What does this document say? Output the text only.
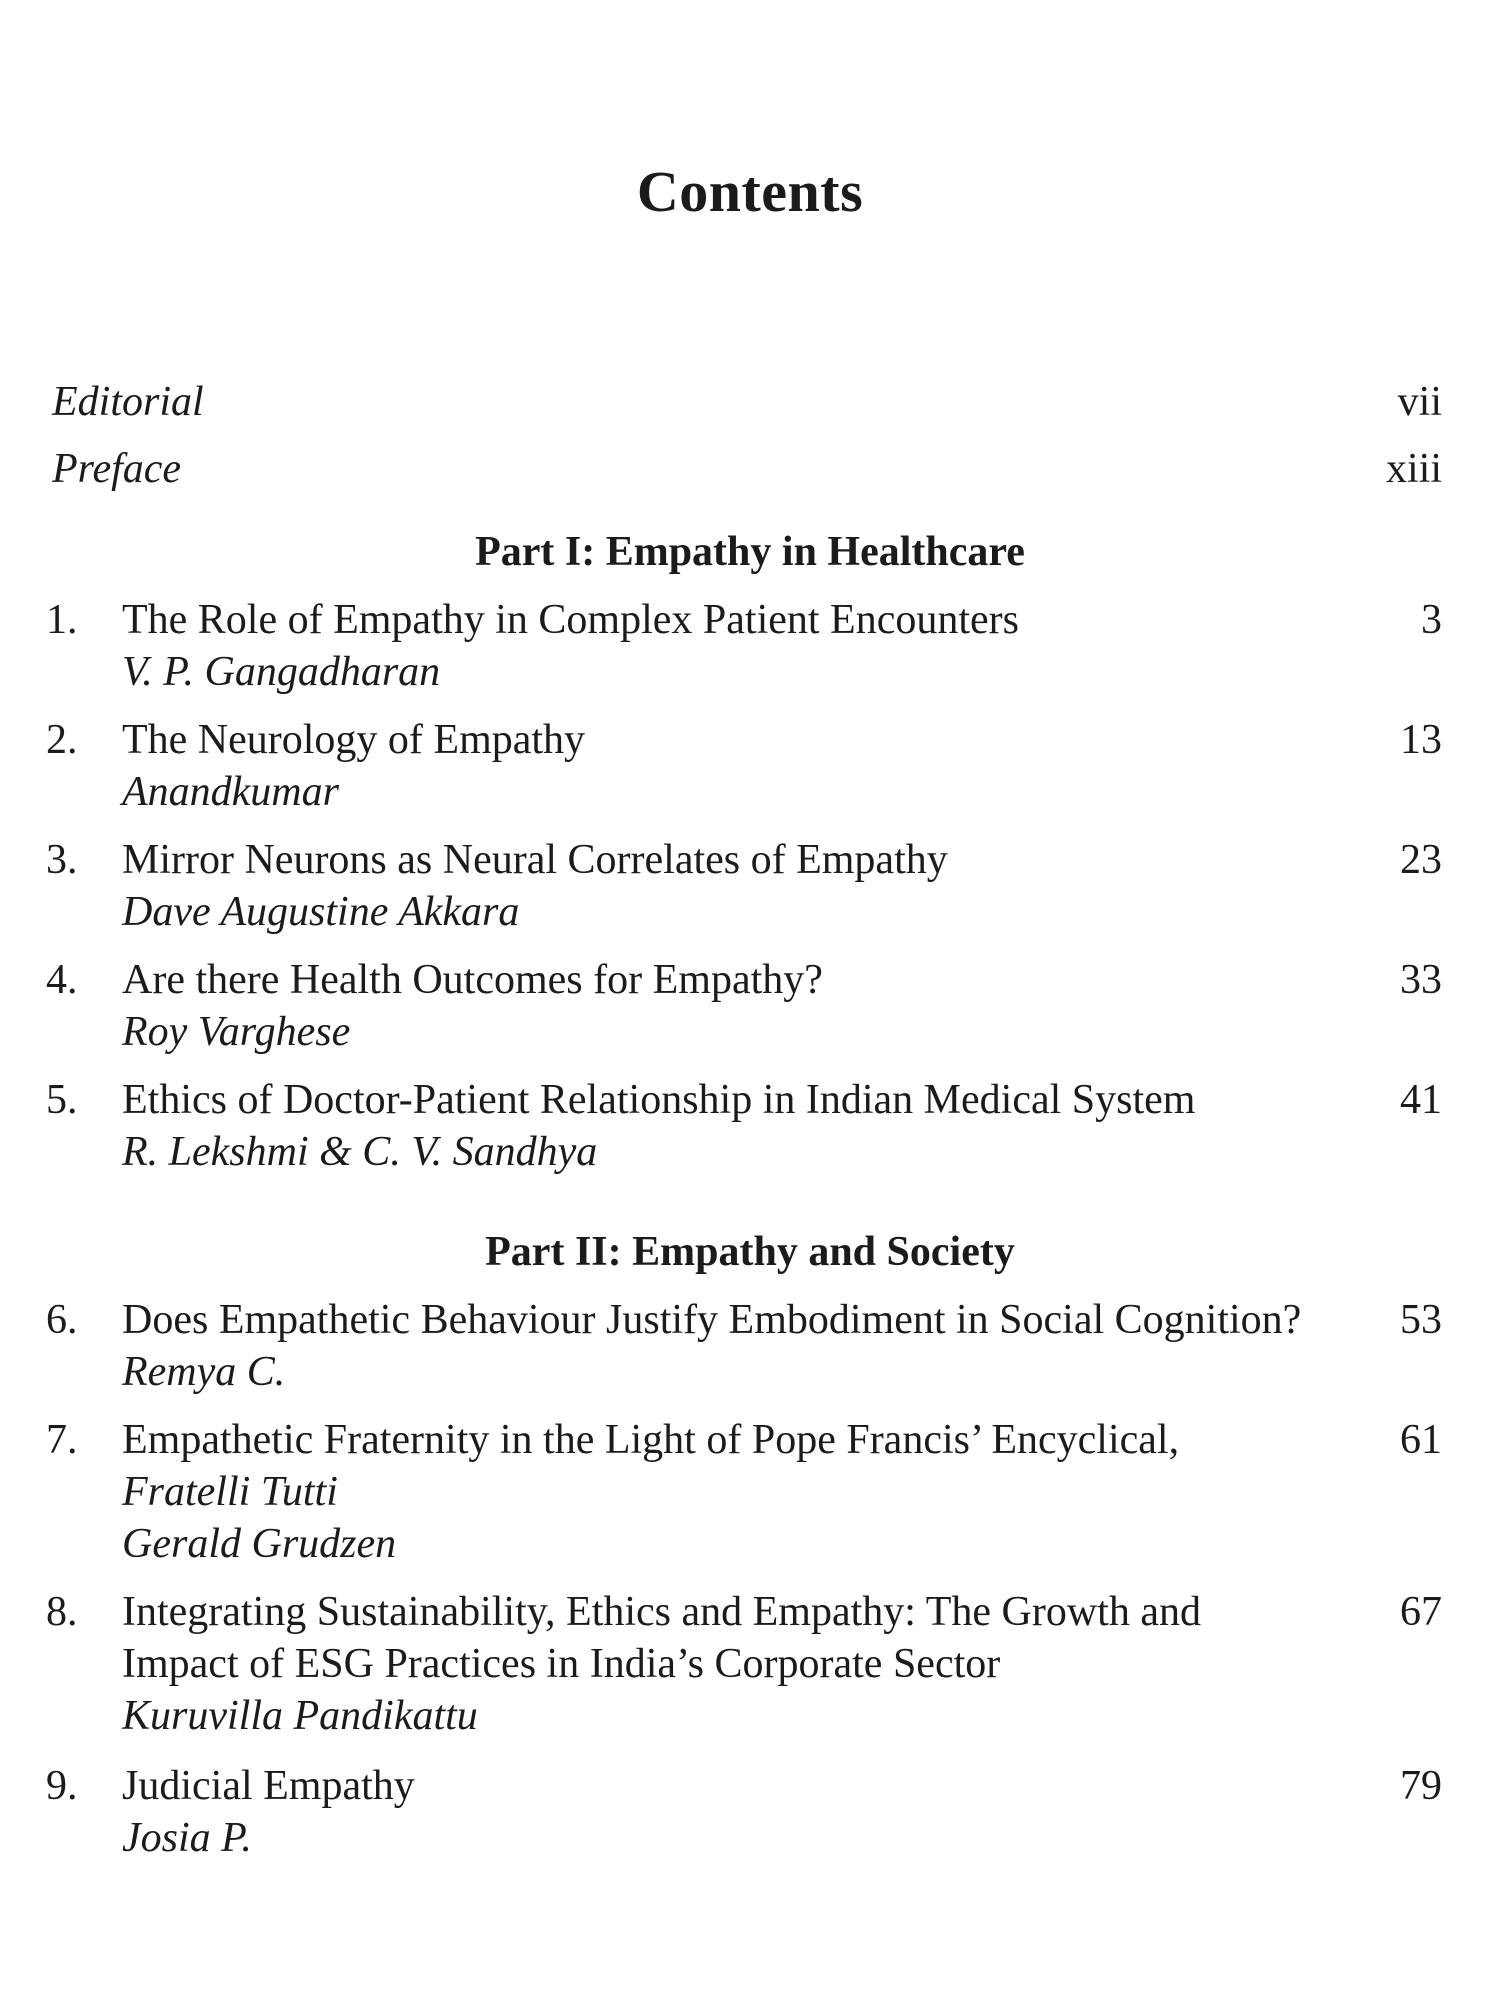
Contents
Editorial	vii
Preface	xiii
Part I: Empathy in Healthcare
1. The Role of Empathy in Complex Patient Encounters
V. P. Gangadharan
3
2. The Neurology of Empathy
Anandkumar
13
3. Mirror Neurons as Neural Correlates of Empathy
Dave Augustine Akkara
23
4. Are there Health Outcomes for Empathy?
Roy Varghese
33
5. Ethics of Doctor-Patient Relationship in Indian Medical System
R. Lekshmi & C. V. Sandhya
41
Part II: Empathy and Society
6. Does Empathetic Behaviour Justify Embodiment in Social Cognition?
Remya C.
53
7. Empathetic Fraternity in the Light of Pope Francis’ Encyclical,
Fratelli Tutti
Gerald Grudzen
61
8. Integrating Sustainability, Ethics and Empathy: The Growth and
Impact of ESG Practices in India’s Corporate Sector
Kuruvilla Pandikattu
67
9. Judicial Empathy
Josia P.
79
